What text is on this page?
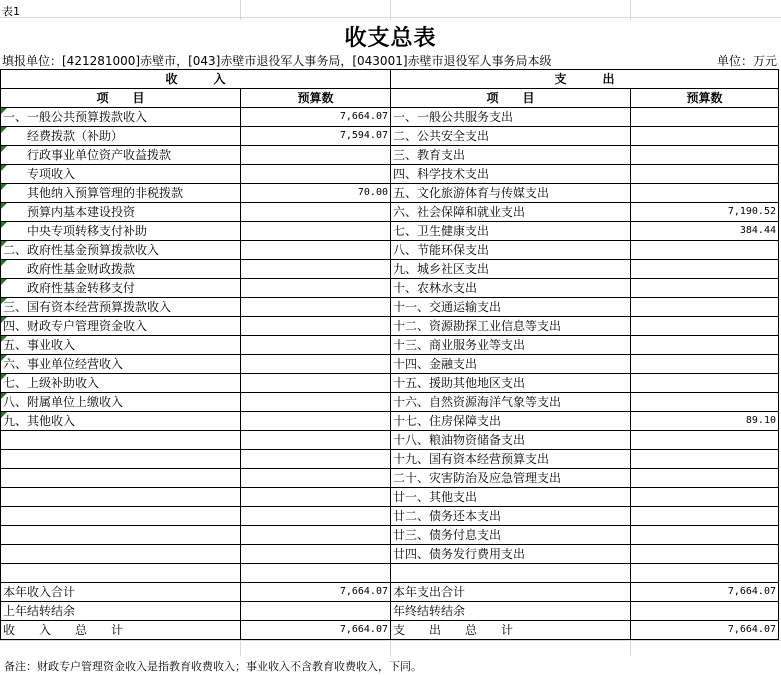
表1
收支总表
填报单位：[421281000]赤壁市，[043]赤壁市退役军人事务局，[043001]赤壁市退役军人事务局本级	单位：万元
收　　　入		支　　　出	
项　　目	预算数	项　　目	预算数
一、一般公共预算拨款收入	7,664.07	一、一般公共服务支出	
经费拨款（补助）	7,594.07	二、公共安全支出	
行政事业单位资产收益拨款		三、教育支出	
专项收入		四、科学技术支出	
其他纳入预算管理的非税拨款	70.00	五、文化旅游体育与传媒支出	
预算内基本建设投资		六、社会保障和就业支出	7,190.52
中央专项转移支付补助		七、卫生健康支出	384.44
二、政府性基金预算拨款收入		八、节能环保支出	
政府性基金财政拨款		九、城乡社区支出	
政府性基金转移支付		十、农林水支出	
三、国有资本经营预算拨款收入		十一、交通运输支出	
四、财政专户管理资金收入		十二、资源勘探工业信息等支出	
五、事业收入		十三、商业服务业等支出	
六、事业单位经营收入		十四、金融支出	
七、上级补助收入		十五、援助其他地区支出	
八、附属单位上缴收入		十六、自然资源海洋气象等支出	
九、其他收入		十七、住房保障支出	89.10
		十八、粮油物资储备支出	
		十九、国有资本经营预算支出	
		二十、灾害防治及应急管理支出	
		廿一、其他支出	
		廿二、债务还本支出	
		廿三、债务付息支出	
		廿四、债务发行费用支出	

本年收入合计	7,664.07	本年支出合计	7,664.07
上年结转结余		年终结转结余	
收　　入　　总　　计	7,664.07	支　　出　　总　　计	7,664.07
备注：财政专户管理资金收入是指教育收费收入；事业收入不含教育收费收入，下同。
